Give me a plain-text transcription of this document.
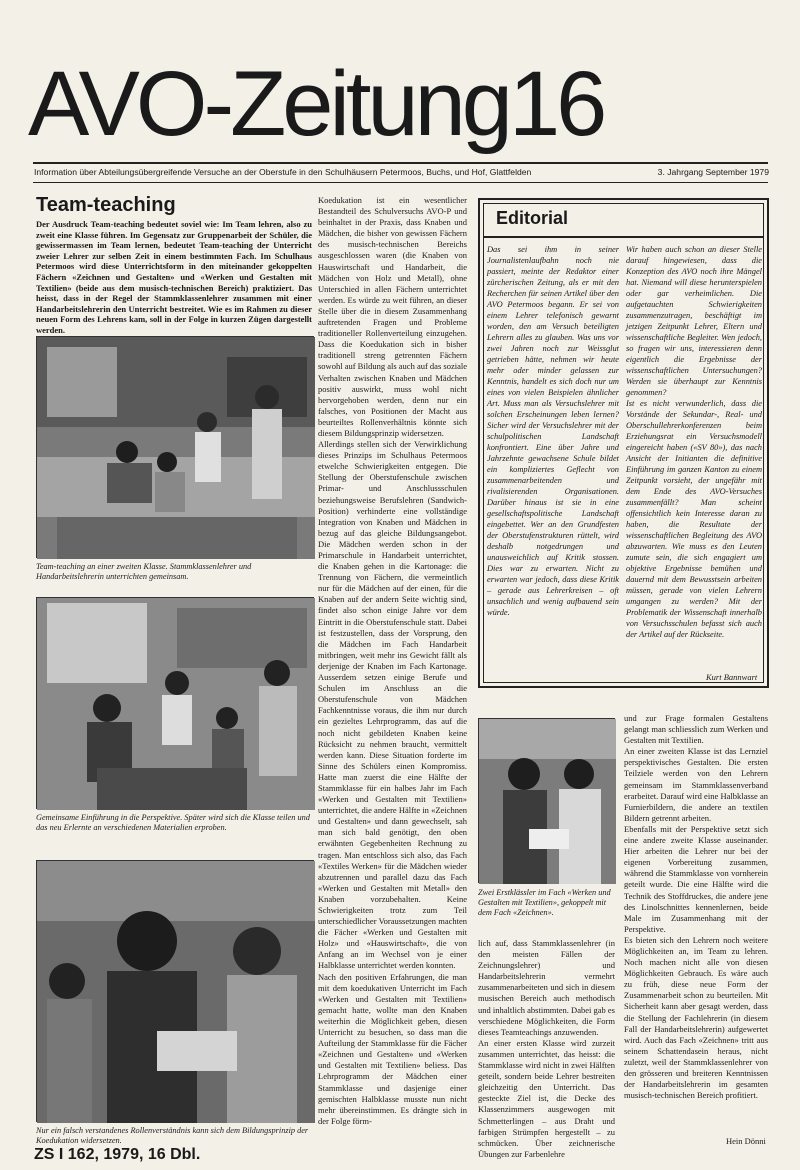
AVO-Zeitung16
Information über Abteilungsübergreifende Versuche an der Oberstufe in den Schulhäusern Petermoos, Buchs, und Hof, Glattfelden	3. Jahrgang September 1979
Team-teaching
Der Ausdruck Team-teaching bedeutet soviel wie: Im Team lehren, also zu zweit eine Klasse führen. Im Gegensatz zur Gruppenarbeit der Schüler, die gewissermassen im Team lernen, bedeutet Team-teaching der Unterricht zweier Lehrer zur selben Zeit in einem bestimmten Fach. Im Schulhaus Petermoos wird diese Unterrichtsform in den miteinander gekoppelten Fächern «Zeichnen und Gestalten» und «Werken und Gestalten mit Textilien» (beide aus dem musisch-technischen Bereich) praktiziert. Das heisst, dass in der Regel der Stammklassenlehrer zusammen mit einer Handarbeitslehrerin den Unterricht bestreitet. Wie es im Rahmen zu dieser neuen Form des Lehrens kam, soll in der Folge in kurzen Zügen dargestellt werden.
Team-teaching an einer zweiten Klasse. Stammklassenlehrer und Handarbeitslehrerin unterrichten gemeinsam.
Gemeinsame Einführung in die Perspektive. Später wird sich die Klasse teilen und das neu Erlernte an verschiedenen Materialien erproben.
Nur ein falsch verstandenes Rollenverständnis kann sich dem Bildungsprinzip der Koedukation widersetzen.
Koedukation ist ein wesentlicher Bestandteil des Schulversuchs AVO-P und beinhaltet in der Praxis, dass Knaben und Mädchen, die bisher von gewissen Fächern des musisch-technischen Bereichs ausgeschlossen waren (die Knaben von Hauswirtschaft und Handarbeit, die Mädchen von Holz und Metall), ohne Unterschied in allen Fächern unterrichtet werden. Es würde zu weit führen, an dieser Stelle über die in diesem Zusammenhang auftretenden Fragen und Probleme traditioneller Rollenverteilung einzugehen. Dass die Koedukation sich in bisher traditionell streng getrennten Fächern sowohl auf Bildung als auch auf das soziale Verhalten zwischen Knaben und Mädchen positiv auswirkt, muss wohl nicht hervorgehoben werden, denn nur ein falsches, von Positionen der Macht aus beurteiltes Rollenverhältnis könnte sich diesem Bildungsprinzip widersetzen.
Allerdings stellen sich der Verwirklichung dieses Prinzips im Schulhaus Petermoos etwelche Schwierigkeiten entgegen. Die Stellung der Oberstufenschule zwischen Primar- und Anschlussschulen beziehungsweise Berufslehren (Sandwich-Position) verhinderte eine vollständige Integration von Knaben und Mädchen in bezug auf das gleiche Bildungsangebot. Die Mädchen werden schon in der Primarschule in Handarbeit unterrichtet, die Knaben gehen in die Kartonage: die Trennung von Fächern, die vermeintlich nur für die Mädchen auf der einen, für die Knaben auf der andern Seite wichtig sind, findet also schon einige Jahre vor dem Eintritt in die Oberstufenschule statt. Dabei ist festzustellen, dass der Vorsprung, den die Mädchen im Fach Handarbeit mitbringen, weit mehr ins Gewicht fällt als derjenige der Knaben im Fach Kartonage. Ausserdem setzen einige Berufe und Schulen im Anschluss an die Oberstufenschule von Mädchen Fachkenntnisse voraus, die ihm nur durch ein gezieltes Lehrprogramm, das auf die noch nicht gebildeten Knaben keine Rücksicht zu nehmen braucht, vermittelt werden kann. Diese Situation forderte im Sinne des Schülers einen Kompromiss. Hatte man zuerst die eine Hälfte der Stammklasse für ein halbes Jahr im Fach «Werken und Gestalten mit Textilien» unterrichtet, die andere Hälfte in «Zeichnen und Gestalten» und dann gewechselt, sah man sich bald genötigt, den oben erwähnten Gegebenheiten Rechnung zu tragen. Man entschloss sich also, das Fach «Textiles Werken» für die Mädchen wieder abzutrennen und parallel dazu das Fach «Werken und Gestalten mit Metall» den Knaben vorzubehalten. Keine Schwierigkeiten trotz zum Teil unterschiedlicher Voraussetzungen machten die Fächer «Werken und Gestalten mit Holz» und «Hauswirtschaft», die von Anfang an im Wechsel von je einer Halbklasse unterrichtet werden konnten.
Nach den positiven Erfahrungen, die man mit dem koedukativen Unterricht im Fach «Werken und Gestalten mit Textilien» gemacht hatte, wollte man den Knaben weiterhin die Möglichkeit geben, diesen Unterricht zu besuchen, so dass man die Aufteilung der Stammklasse für die Fächer «Zeichnen und Gestalten» und «Werken und Gestalten mit Textilien» beliess. Das Lehrprogramm der Mädchen einer Stammklasse und dasjenige einer gemischten Halbklasse musste nun nicht mehr übereinstimmen. Es drängte sich in der Folge förm-
Editorial
Das sei ihm in seiner Journalistenlaufbahn noch nie passiert, meinte der Redaktor einer zürcherischen Zeitung, als er mit den Recherchen für seinen Artikel über den AVO Petermoos begann. Er sei von einem Lehrer telefonisch gewarnt worden, den am Versuch beteiligten Lehrern alles zu glauben. Was uns vor zwei Jahren noch zur Weissglut getrieben hätte, nehmen wir heute mehr oder minder gelassen zur Kenntnis, handelt es sich doch nur um eines von vielen Beispielen ähnlicher Art. Muss man als Versuchslehrer mit solchen Erscheinungen leben lernen? Sicher wird der Versuchslehrer mit der schulpolitischen Landschaft konfrontiert. Eine über Jahre und Jahrzehnte gewachsene Schule bildet ein kompliziertes Geflecht von zusammenarbeitenden und rivalisierenden Organisationen. Darüber hinaus ist sie in eine gesellschaftspolitische Landschaft eingebettet. Wer an den Grundfesten der Oberstufenstrukturen rüttelt, wird deshalb notgedrungen und unausweichlich auf Kritik stossen. Dies war zu erwarten. Nicht zu erwarten war jedoch, dass diese Kritik – gerade aus Lehrerkreisen – oft unsachlich und wenig aufbauend sein würde.
Wir haben auch schon an dieser Stelle darauf hingewiesen, dass die Konzeption des AVO noch ihre Mängel hat. Niemand will diese herunterspielen oder gar verheimlichen. Die aufgetauchten Schwierigkeiten zusammenzutragen, beschäftigt im jetzigen Zeitpunkt Lehrer, Eltern und wissenschaftliche Begleiter. Wen jedoch, so fragen wir uns, interessieren denn eigentlich die Ergebnisse der wissenschaftlichen Untersuchungen? Werden sie überhaupt zur Kenntnis genommen?
Ist es nicht verwunderlich, dass die Vorstände der Sekundar-, Real- und Oberschullehrerkonferenzen beim Erziehungsrat ein Versuchsmodell eingereicht haben («SV 80»), das nach Ansicht der Initianten die definitive Einführung im ganzen Kanton zu einem Zeitpunkt vorsieht, der ungefähr mit dem Ende des AVO-Versuches zusammenfällt? Man scheint offensichtlich kein Interesse daran zu haben, die Resultate der wissenschaftlichen Begleitung des AVO abzuwarten. Wie muss es den Leuten zumute sein, die sich engagiert um objektive Ergebnisse bemühen und dauernd mit dem Bewusstsein arbeiten müssen, gerade von vielen Lehrern umgangen zu werden? Mit der Problematik der Wissenschaft innerhalb von Versuchsschulen befasst sich auch der Artikel auf der Rückseite.
Kurt Bannwart
Zwei Erstklässler im Fach «Werken und Gestalten mit Textilien», gekoppelt mit dem Fach «Zeichnen».
lich auf, dass Stammklassenlehrer (in den meisten Fällen der Zeichnungslehrer) und Handarbeitslehrerin vermehrt zusammenarbeiteten und sich in diesem musischen Bereich auch methodisch und inhaltlich abstimmten. Dabei gab es verschiedene Möglichkeiten, die Form dieses Teamteachings anzuwenden.
An einer ersten Klasse wird zurzeit zusammen unterrichtet, das heisst: die Stammklasse wird nicht in zwei Hälften geteilt, sondern beide Lehrer bestreiten gleichzeitig den Unterricht. Das gesteckte Ziel ist, die Decke des Klassenzimmers ausgewogen mit Schmetterlingen – aus Draht und farbigen Strümpfen hergestellt – zu schmücken. Über zeichnerische Übungen zur Farbenlehre
und zur Frage formalen Gestaltens gelangt man schliesslich zum Werken und Gestalten mit Textilien.
An einer zweiten Klasse ist das Lernziel perspektivisches Gestalten. Die ersten Teilziele werden von den Lehrern gemeinsam im Stammklassenverband erarbeitet. Darauf wird eine Halbklasse an Furnierbildern, die andere an textilen Bildern getrennt arbeiten.
Ebenfalls mit der Perspektive setzt sich eine andere zweite Klasse auseinander. Hier arbeiten die Lehrer nur bei der eigenen Vorbereitung zusammen, während die Stammklasse von vornherein geteilt wurde. Die eine Hälfte wird die Technik des Stoffdruckes, die andere jene des Linolschnittes kennenlernen, beide Male im Zusammenhang mit der Perspektive.
Es bieten sich den Lehrern noch weitere Möglichkeiten an, im Team zu lehren. Noch machen nicht alle von diesen Möglichkeiten Gebrauch. Es wäre auch zu früh, diese neue Form der Zusammenarbeit schon zu beurteilen. Mit Sicherheit kann aber gesagt werden, dass die Stellung der Fachlehrerin (in diesem Fall der Handarbeitslehrerin) aufgewertet wird. Auch das Fach «Zeichnen» tritt aus seinem Schattendasein heraus, nicht zuletzt, weil der Stammklassenlehrer von den grösseren und breiteren Kenntnissen der Handarbeitslehrerin im gesamten musisch-technischen Bereich profitiert.
Hein Dönni
ZS I 162, 1979, 16 Dbl.
